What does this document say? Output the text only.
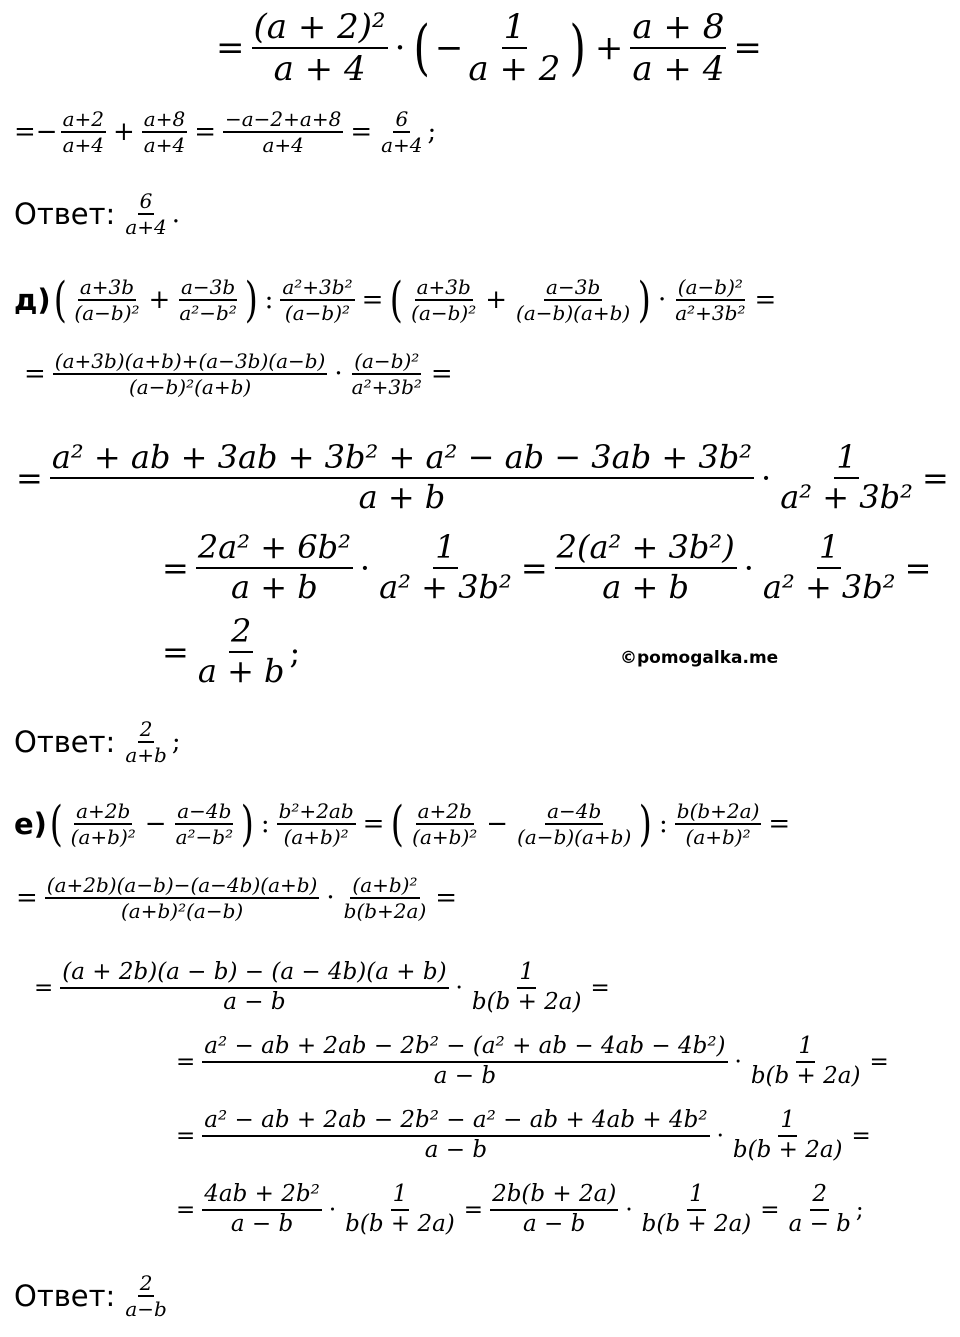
= $\frac{\text{(a + 2)²}}{a + 4}$ · ( − $\frac{1}{a + 2}$ ) + $\frac{a + 8}{a + 4}$ =
=− $\frac{a+2}{a+4} + \frac{a+8}{a+4} = \frac{-a-2+a+8}{a+4} = \frac{6}{a+4}$ ;
Ответ: $\frac{6}{a+4}$ .
д) ( $\frac{a+3b}{\text{(a−b)²}} + \frac{a-3b}{\text{a²−b²}}$ ) : $\frac{\text{a²+3b²}}{\text{(a−b)²}}$ = ( $\frac{a+3b}{\text{(a−b)²}} + \frac{a-3b}{(a-b)(a+b)}$ ) · $\frac{\text{(a−b)²}}{\text{a²+3b²}}$ =
= $\frac{(a+3b)(a+b)+(a-3b)(a-b)}{\text{(a−b)²(a+b)}} \cdot \frac{\text{(a−b)²}}{\text{a²+3b²}}$ =
= $\frac{\text{a² + ab + 3ab + 3b² + a² − ab − 3ab + 3b²}}{a + b} \cdot \frac{1}{\text{a² + 3b²}}$ =
= $\frac{\text{2a² + 6b²}}{a + b} \cdot \frac{1}{\text{a² + 3b²}} = \frac{\text{2(a² + 3b²)}}{a + b} \cdot \frac{1}{\text{a² + 3b²}}$ =
= $\frac{2}{a + b}$ ;	©pomogalka.me
Ответ: $\frac{2}{a+b}$ ;
е) ( $\frac{a+2b}{\text{(a+b)²}} - \frac{a-4b}{\text{a²−b²}}$ ) : $\frac{\text{b²+2ab}}{\text{(a+b)²}}$ = ( $\frac{a+2b}{\text{(a+b)²}} - \frac{a-4b}{(a-b)(a+b)}$ ) : $\frac{b(b+2a)}{\text{(a+b)²}}$ =
= $\frac{(a+2b)(a-b)-(a-4b)(a+b)}{\text{(a+b)²(a−b)}} \cdot \frac{\text{(a+b)²}}{b(b+2a)}$ =
= $\frac{(a + 2b)(a - b) - (a - 4b)(a + b)}{a - b} \cdot \frac{1}{b(b + 2a)}$ =
= $\frac{\text{a² − ab + 2ab − 2b² − (a² + ab − 4ab − 4b²)}}{a - b} \cdot \frac{1}{b(b + 2a)}$ =
= $\frac{\text{a² − ab + 2ab − 2b² − a² − ab + 4ab + 4b²}}{a - b} \cdot \frac{1}{b(b + 2a)}$ =
= $\frac{\text{4ab + 2b²}}{a - b} \cdot \frac{1}{b(b + 2a)} = \frac{2b(b + 2a)}{a - b} \cdot \frac{1}{b(b + 2a)} = \frac{2}{a - b}$ ;
Ответ: $\frac{2}{a-b}$
